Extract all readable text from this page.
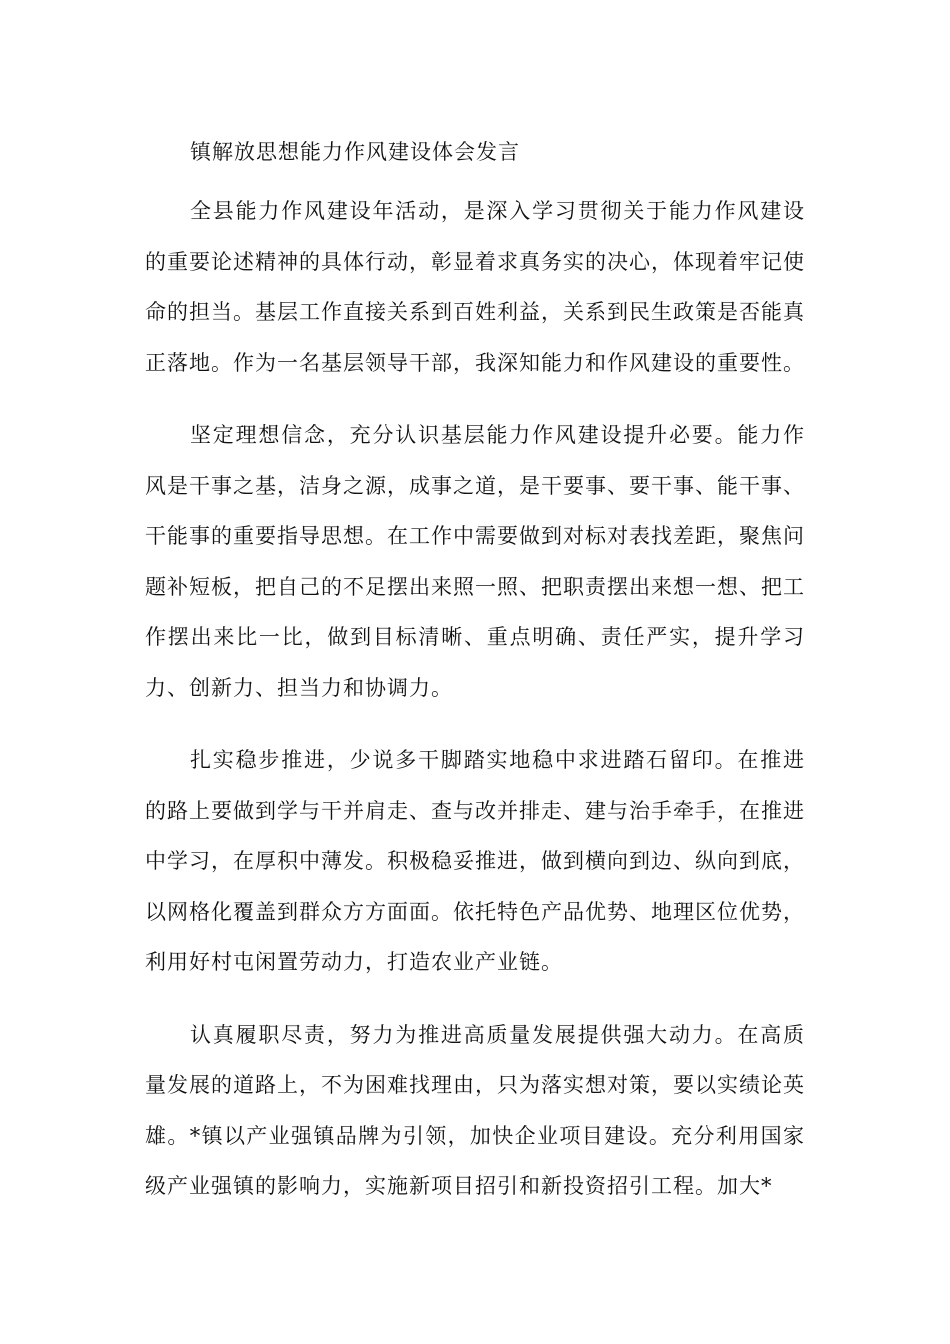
镇解放思想能力作风建设体会发言

全县能力作风建设年活动，是深入学习贯彻关于能力作风建设的重要论述精神的具体行动，彰显着求真务实的决心，体现着牢记使命的担当。基层工作直接关系到百姓利益，关系到民生政策是否能真正落地。作为一名基层领导干部，我深知能力和作风建设的重要性。

坚定理想信念，充分认识基层能力作风建设提升必要。能力作风是干事之基，洁身之源，成事之道，是干要事、要干事、能干事、干能事的重要指导思想。在工作中需要做到对标对表找差距，聚焦问题补短板，把自己的不足摆出来照一照、把职责摆出来想一想、把工作摆出来比一比，做到目标清晰、重点明确、责任严实，提升学习力、创新力、担当力和协调力。

扎实稳步推进，少说多干脚踏实地稳中求进踏石留印。在推进的路上要做到学与干并肩走、查与改并排走、建与治手牵手，在推进中学习，在厚积中薄发。积极稳妥推进，做到横向到边、纵向到底，以网格化覆盖到群众方方面面。依托特色产品优势、地理区位优势，利用好村屯闲置劳动力，打造农业产业链。

认真履职尽责，努力为推进高质量发展提供强大动力。在高质量发展的道路上，不为困难找理由，只为落实想对策，要以实绩论英雄。*镇以产业强镇品牌为引领，加快企业项目建设。充分利用国家级产业强镇的影响力，实施新项目招引和新投资招引工程。加大*
